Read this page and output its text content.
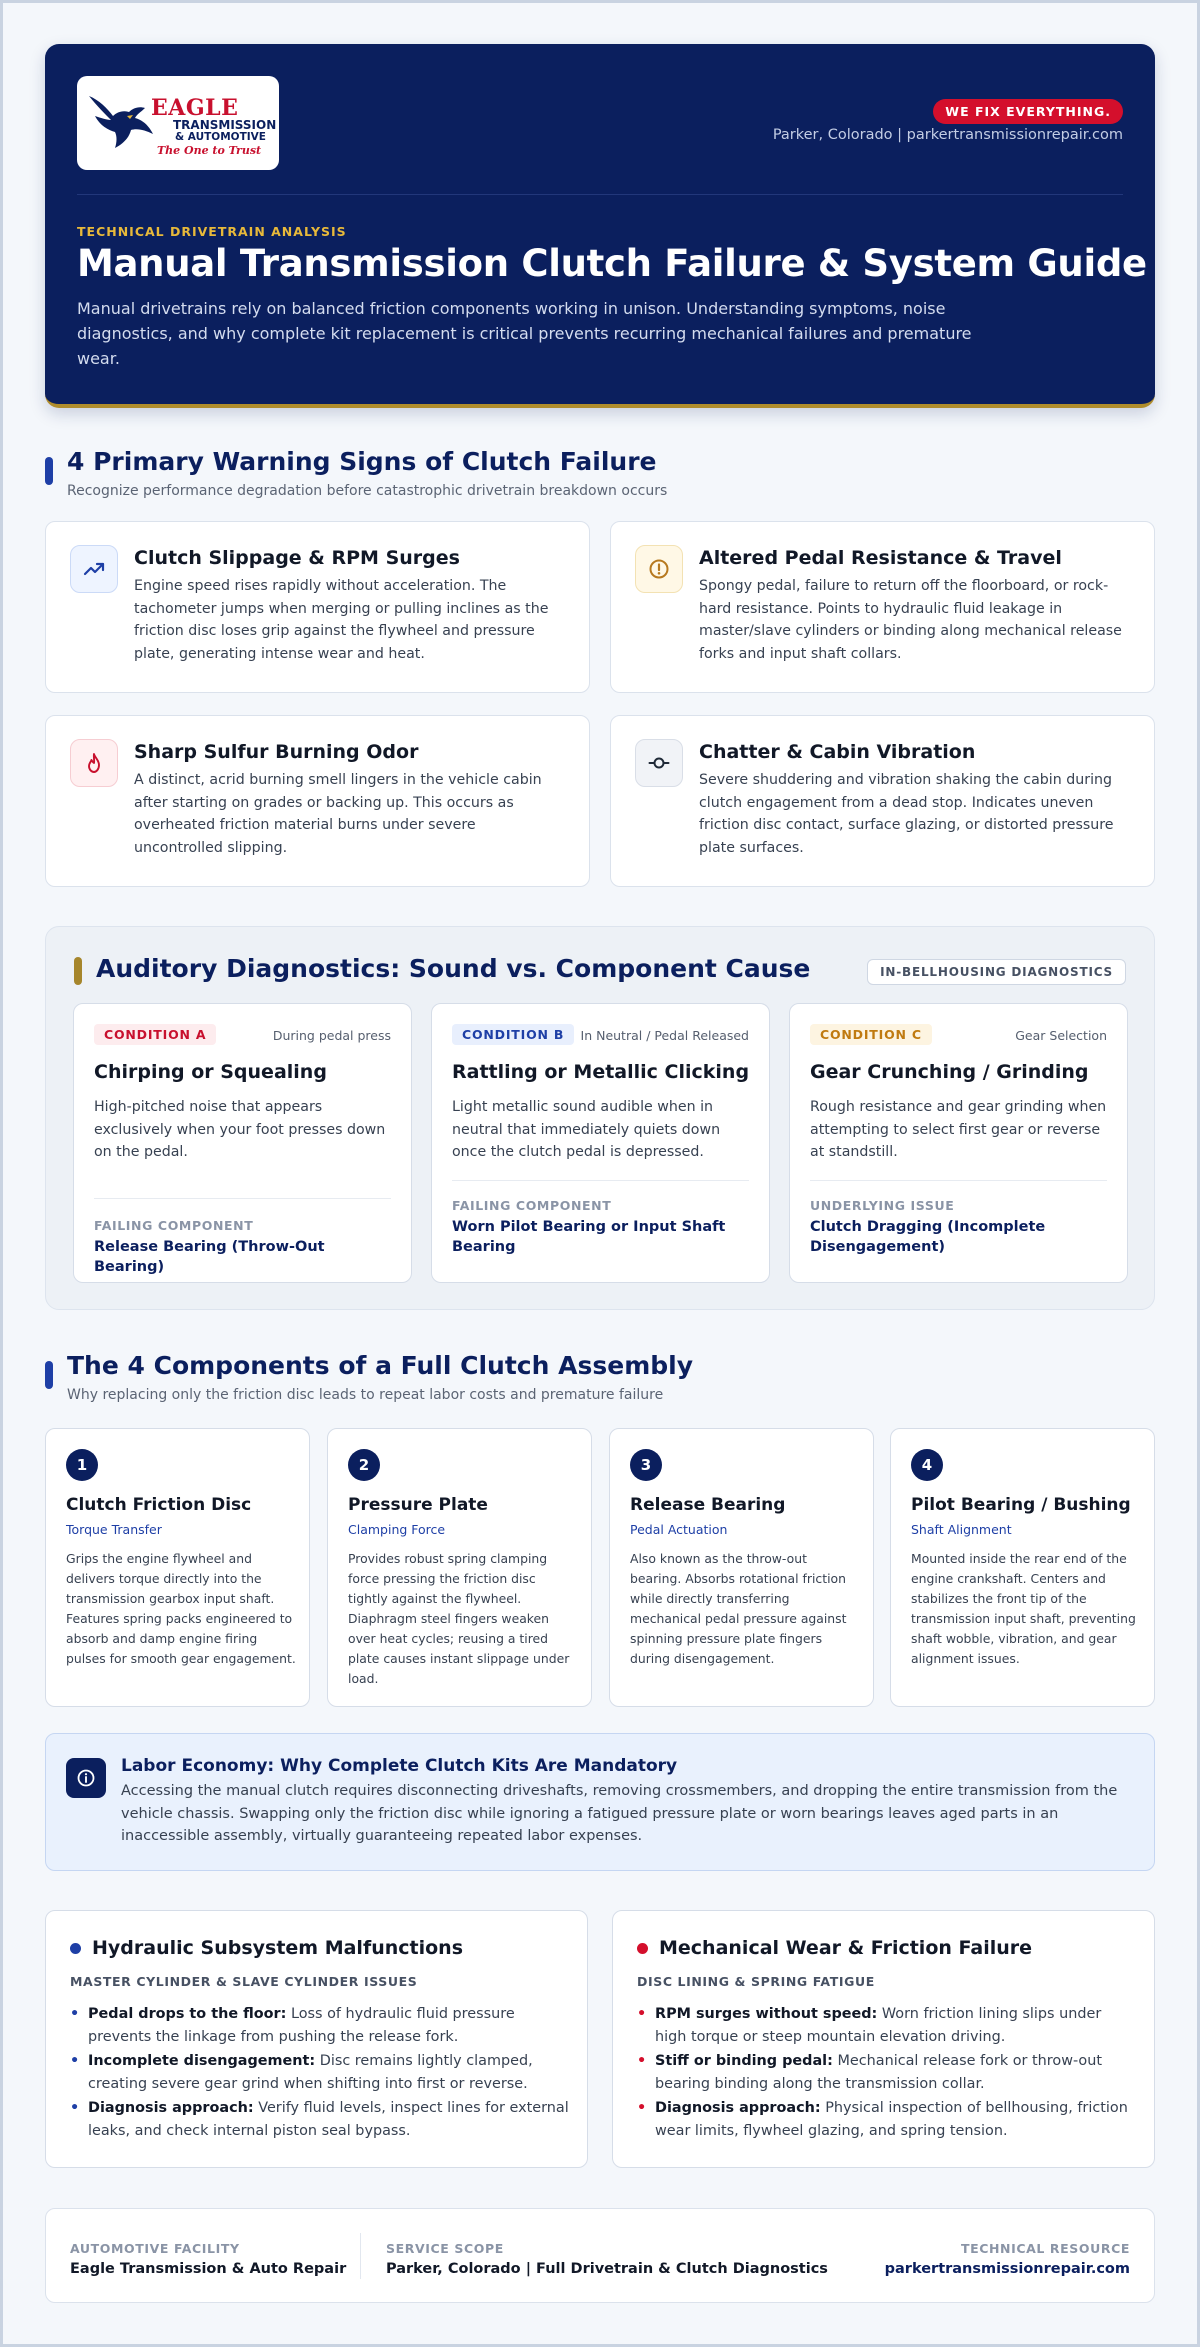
EAGLE
TRANSMISSION
& AUTOMOTIVE
The One to Trust
WE FIX EVERYTHING.
Parker, Colorado | parkertransmissionrepair.com
TECHNICAL DRIVETRAIN ANALYSIS
Manual Transmission Clutch Failure & System Guide
Manual drivetrains rely on balanced friction components working in unison. Understanding symptoms, noise diagnostics, and why complete kit replacement is critical prevents recurring mechanical failures and premature wear.
4 Primary Warning Signs of Clutch Failure
Recognize performance degradation before catastrophic drivetrain breakdown occurs
Clutch Slippage & RPM Surges
Engine speed rises rapidly without acceleration. The tachometer jumps when merging or pulling inclines as the friction disc loses grip against the flywheel and pressure plate, generating intense wear and heat.
Altered Pedal Resistance & Travel
Spongy pedal, failure to return off the floorboard, or rock-hard resistance. Points to hydraulic fluid leakage in master/slave cylinders or binding along mechanical release forks and input shaft collars.
Sharp Sulfur Burning Odor
A distinct, acrid burning smell lingers in the vehicle cabin after starting on grades or backing up. This occurs as overheated friction material burns under severe uncontrolled slipping.
Chatter & Cabin Vibration
Severe shuddering and vibration shaking the cabin during clutch engagement from a dead stop. Indicates uneven friction disc contact, surface glazing, or distorted pressure plate surfaces.
Auditory Diagnostics: Sound vs. Component Cause	IN-BELLHOUSING DIAGNOSTICS
CONDITION A	During pedal press
Chirping or Squealing
High-pitched noise that appears exclusively when your foot presses down on the pedal.
FAILING COMPONENT
Release Bearing (Throw-Out Bearing)
CONDITION B	In Neutral / Pedal Released
Rattling or Metallic Clicking
Light metallic sound audible when in neutral that immediately quiets down once the clutch pedal is depressed.
FAILING COMPONENT
Worn Pilot Bearing or Input Shaft Bearing
CONDITION C	Gear Selection
Gear Crunching / Grinding
Rough resistance and gear grinding when attempting to select first gear or reverse at standstill.
UNDERLYING ISSUE
Clutch Dragging (Incomplete Disengagement)
The 4 Components of a Full Clutch Assembly
Why replacing only the friction disc leads to repeat labor costs and premature failure
1
Clutch Friction Disc
Torque Transfer
Grips the engine flywheel and delivers torque directly into the transmission gearbox input shaft. Features spring packs engineered to absorb and damp engine firing pulses for smooth gear engagement.
2
Pressure Plate
Clamping Force
Provides robust spring clamping force pressing the friction disc tightly against the flywheel. Diaphragm steel fingers weaken over heat cycles; reusing a tired plate causes instant slippage under load.
3
Release Bearing
Pedal Actuation
Also known as the throw-out bearing. Absorbs rotational friction while directly transferring mechanical pedal pressure against spinning pressure plate fingers during disengagement.
4
Pilot Bearing / Bushing
Shaft Alignment
Mounted inside the rear end of the engine crankshaft. Centers and stabilizes the front tip of the transmission input shaft, preventing shaft wobble, vibration, and gear alignment issues.
Labor Economy: Why Complete Clutch Kits Are Mandatory
Accessing the manual clutch requires disconnecting driveshafts, removing crossmembers, and dropping the entire transmission from the vehicle chassis. Swapping only the friction disc while ignoring a fatigued pressure plate or worn bearings leaves aged parts in an inaccessible assembly, virtually guaranteeing repeated labor expenses.
Hydraulic Subsystem Malfunctions
MASTER CYLINDER & SLAVE CYLINDER ISSUES
• Pedal drops to the floor: Loss of hydraulic fluid pressure prevents the linkage from pushing the release fork.
• Incomplete disengagement: Disc remains lightly clamped, creating severe gear grind when shifting into first or reverse.
• Diagnosis approach: Verify fluid levels, inspect lines for external leaks, and check internal piston seal bypass.
Mechanical Wear & Friction Failure
DISC LINING & SPRING FATIGUE
• RPM surges without speed: Worn friction lining slips under high torque or steep mountain elevation driving.
• Stiff or binding pedal: Mechanical release fork or throw-out bearing binding along the transmission collar.
• Diagnosis approach: Physical inspection of bellhousing, friction wear limits, flywheel glazing, and spring tension.
AUTOMOTIVE FACILITY
Eagle Transmission & Auto Repair
SERVICE SCOPE
Parker, Colorado | Full Drivetrain & Clutch Diagnostics
TECHNICAL RESOURCE
parkertransmissionrepair.com
